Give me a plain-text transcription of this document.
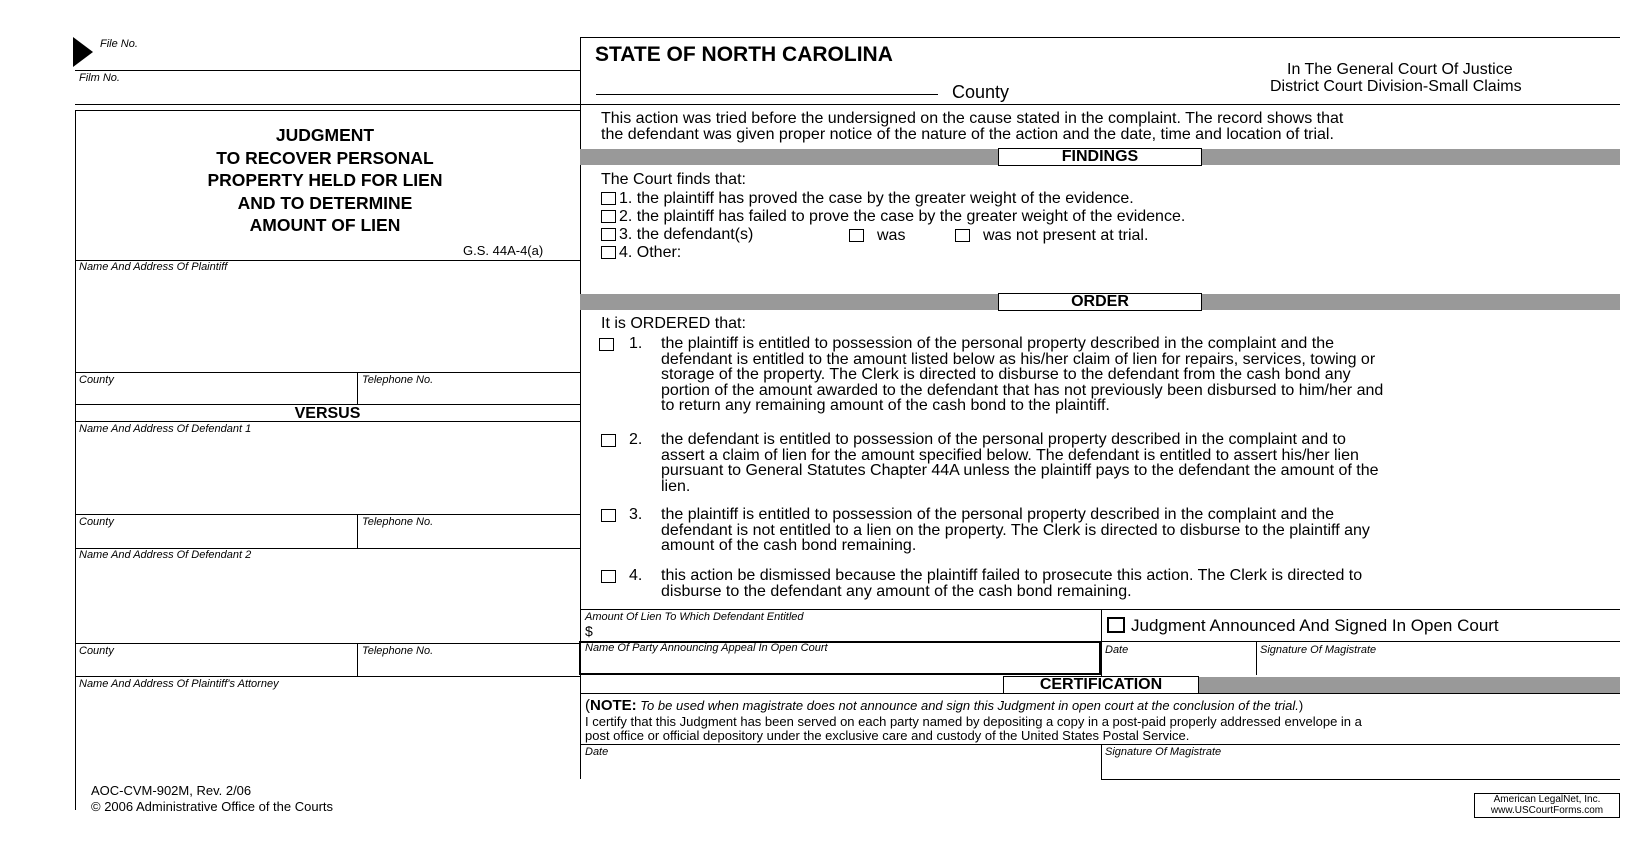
File No.
Film No.
JUDGMENT
TO RECOVER PERSONAL
PROPERTY HELD FOR LIEN
AND TO DETERMINE
AMOUNT OF LIEN
G.S. 44A-4(a)
Name And Address Of Plaintiff
County	Telephone No.
VERSUS
Name And Address Of Defendant 1
County	Telephone No.
Name And Address Of Defendant 2
County	Telephone No.
Name And Address Of Plaintiff's Attorney
AOC-CVM-902M, Rev. 2/06
© 2006 Administrative Office of the Courts
STATE OF NORTH CAROLINA
County
In The General Court Of Justice
District Court Division-Small Claims
This action was tried before the undersigned on the cause stated in the complaint. The record shows that
the defendant was given proper notice of the nature of the action and the date, time and location of trial.
FINDINGS
The Court finds that:
1. the plaintiff has proved the case by the greater weight of the evidence.
2. the plaintiff has failed to prove the case by the greater weight of the evidence.
3. the defendant(s)	was	was not present at trial.
4. Other:
ORDER
It is ORDERED that:
1. the plaintiff is entitled to possession of the personal property described in the complaint and the
defendant is entitled to the amount listed below as his/her claim of lien for repairs, services, towing or
storage of the property. The Clerk is directed to disburse to the defendant from the cash bond any
portion of the amount awarded to the defendant that has not previously been disbursed to him/her and
to return any remaining amount of the cash bond to the plaintiff.
2. the defendant is entitled to possession of the personal property described in the complaint and to
assert a claim of lien for the amount specified below. The defendant is entitled to assert his/her lien
pursuant to General Statutes Chapter 44A unless the plaintiff pays to the defendant the amount of the
lien.
3. the plaintiff is entitled to possession of the personal property described in the complaint and the
defendant is not entitled to a lien on the property. The Clerk is directed to disburse to the plaintiff any
amount of the cash bond remaining.
4. this action be dismissed because the plaintiff failed to prosecute this action. The Clerk is directed to
disburse to the defendant any amount of the cash bond remaining.
Amount Of Lien To Which Defendant Entitled
$	Judgment Announced And Signed In Open Court
Name Of Party Announcing Appeal In Open Court	Date	Signature Of Magistrate
CERTIFICATION
(NOTE: To be used when magistrate does not announce and sign this Judgment in open court at the conclusion of the trial.)
I certify that this Judgment has been served on each party named by depositing a copy in a post-paid properly addressed envelope in a
post office or official depository under the exclusive care and custody of the United States Postal Service.
Date	Signature Of Magistrate
American LegalNet, Inc.
www.USCourtForms.com
